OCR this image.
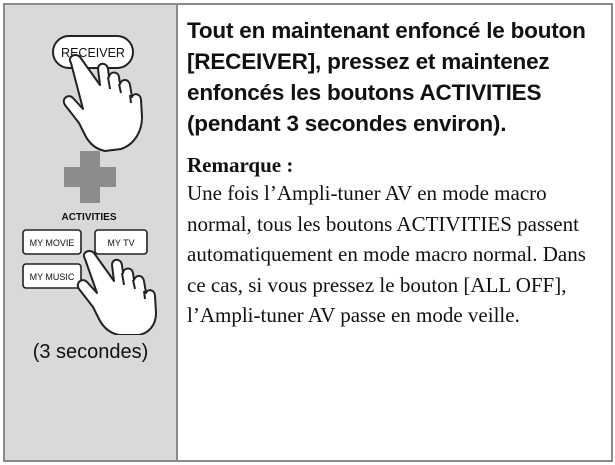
RECEIVER
ACTIVITIES
MY MOVIE	MY TV
MY MUSIC
(3 secondes)

Tout en maintenant enfoncé le bouton [RECEIVER], pressez et maintenez enfoncés les boutons ACTIVITIES (pendant 3 secondes environ).

Remarque :

Une fois l’Ampli-tuner AV en mode macro normal, tous les boutons ACTIVITIES passent automatiquement en mode macro normal. Dans ce cas, si vous pressez le bouton [ALL OFF], l’Ampli-tuner AV passe en mode veille.
